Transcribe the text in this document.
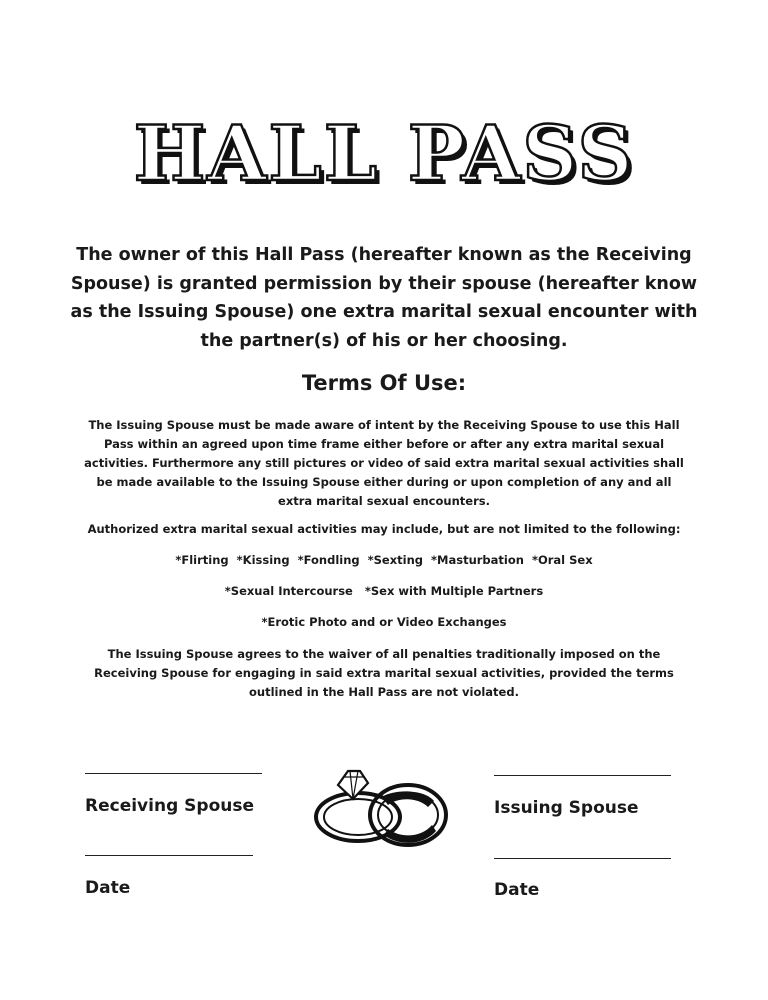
HALL PASS
The owner of this Hall Pass (hereafter known as the Receiving Spouse) is granted permission by their spouse (hereafter know as the Issuing Spouse) one extra marital sexual encounter with the partner(s) of his or her choosing.
Terms Of Use:
The Issuing Spouse must be made aware of intent by the Receiving Spouse to use this Hall Pass within an agreed upon time frame either before or after any extra marital sexual activities. Furthermore any still pictures or video of said extra marital sexual activities shall be made available to the Issuing Spouse either during or upon completion of any and all extra marital sexual encounters.
Authorized extra marital sexual activities may include, but are not limited to the following:
*Flirting  *Kissing  *Fondling  *Sexting  *Masturbation  *Oral Sex
*Sexual Intercourse   *Sex with Multiple Partners
*Erotic Photo and or Video Exchanges
The Issuing Spouse agrees to the waiver of all penalties traditionally imposed on the Receiving Spouse for engaging in said extra marital sexual activities, provided the terms outlined in the Hall Pass are not violated.
Receiving Spouse
Date
Issuing Spouse
Date
